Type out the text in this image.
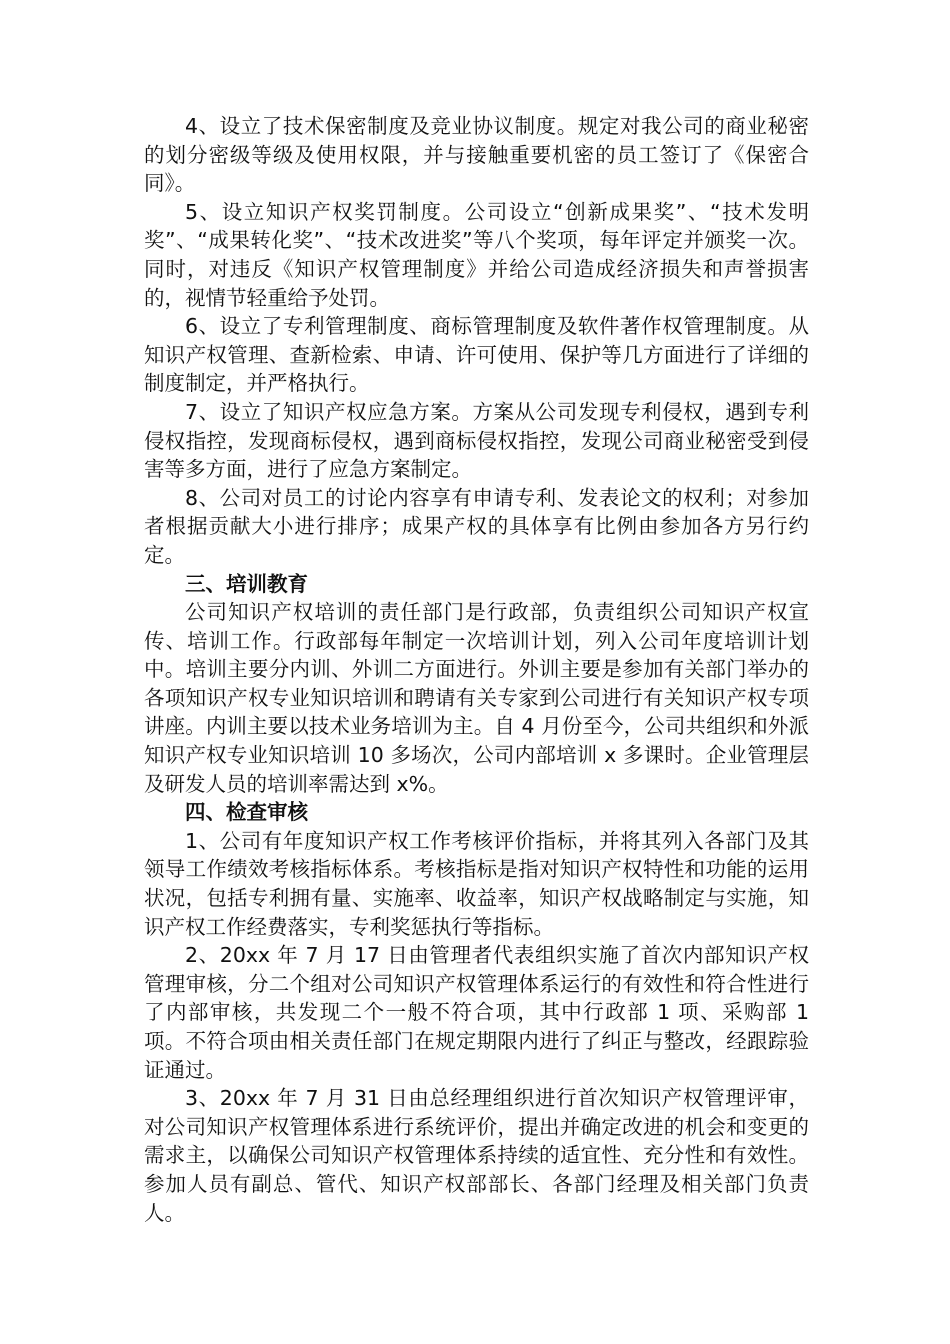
4、设立了技术保密制度及竞业协议制度。规定对我公司的商业秘密的划分密级等级及使用权限，并与接触重要机密的员工签订了《保密合同》。

5、设立知识产权奖罚制度。公司设立“创新成果奖”、“技术发明奖”、“成果转化奖”、“技术改进奖”等八个奖项，每年评定并颁奖一次。同时，对违反《知识产权管理制度》并给公司造成经济损失和声誉损害的，视情节轻重给予处罚。

6、设立了专利管理制度、商标管理制度及软件著作权管理制度。从知识产权管理、查新检索、申请、许可使用、保护等几方面进行了详细的制度制定，并严格执行。

7、设立了知识产权应急方案。方案从公司发现专利侵权，遇到专利侵权指控，发现商标侵权，遇到商标侵权指控，发现公司商业秘密受到侵害等多方面，进行了应急方案制定。

8、公司对员工的讨论内容享有申请专利、发表论文的权利；对参加者根据贡献大小进行排序；成果产权的具体享有比例由参加各方另行约定。

三、培训教育

公司知识产权培训的责任部门是行政部，负责组织公司知识产权宣传、培训工作。行政部每年制定一次培训计划，列入公司年度培训计划中。培训主要分内训、外训二方面进行。外训主要是参加有关部门举办的各项知识产权专业知识培训和聘请有关专家到公司进行有关知识产权专项讲座。内训主要以技术业务培训为主。自 4 月份至今，公司共组织和外派知识产权专业知识培训 10 多场次，公司内部培训 x 多课时。企业管理层及研发人员的培训率需达到 x%。

四、检查审核

1、公司有年度知识产权工作考核评价指标，并将其列入各部门及其领导工作绩效考核指标体系。考核指标是指对知识产权特性和功能的运用状况，包括专利拥有量、实施率、收益率，知识产权战略制定与实施，知识产权工作经费落实，专利奖惩执行等指标。

2、20xx 年 7 月 17 日由管理者代表组织实施了首次内部知识产权管理审核，分二个组对公司知识产权管理体系运行的有效性和符合性进行了内部审核，共发现二个一般不符合项，其中行政部 1 项、采购部 1 项。不符合项由相关责任部门在规定期限内进行了纠正与整改，经跟踪验证通过。

3、20xx 年 7 月 31 日由总经理组织进行首次知识产权管理评审，对公司知识产权管理体系进行系统评价，提出并确定改进的机会和变更的需求主，以确保公司知识产权管理体系持续的适宜性、充分性和有效性。参加人员有副总、管代、知识产权部部长、各部门经理及相关部门负责人。
